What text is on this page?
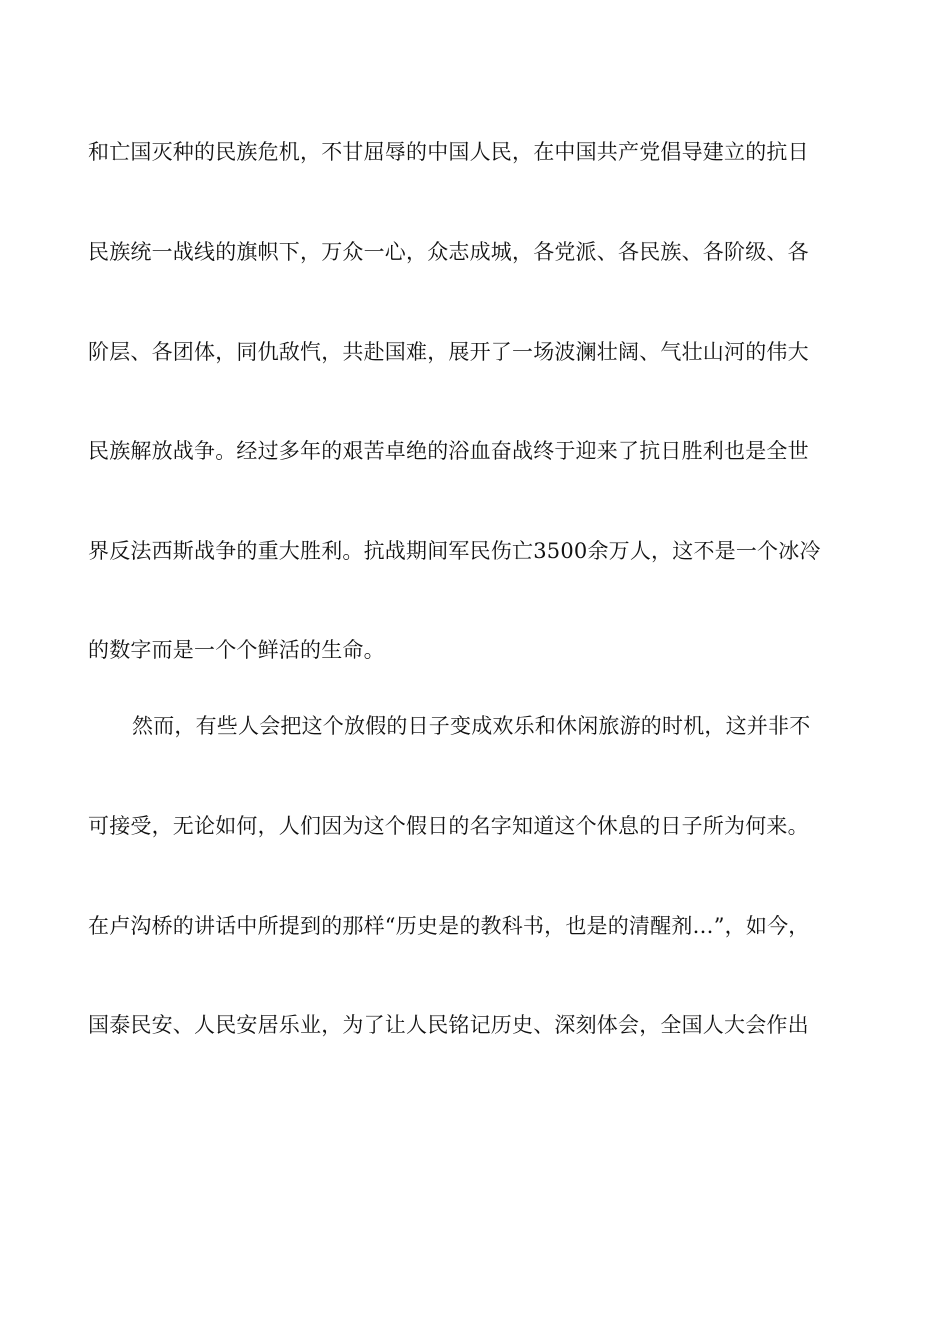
和亡国灭种的民族危机，不甘屈辱的中国人民，在中国共产党倡导建立的抗日
民族统一战线的旗帜下，万众一心，众志成城，各党派、各民族、各阶级、各
阶层、各团体，同仇敌忾，共赴国难，展开了一场波澜壮阔、气壮山河的伟大
民族解放战争。经过多年的艰苦卓绝的浴血奋战终于迎来了抗日胜利也是全世
界反法西斯战争的重大胜利。抗战期间军民伤亡3500余万人，这不是一个冰冷
的数字而是一个个鲜活的生命。
然而，有些人会把这个放假的日子变成欢乐和休闲旅游的时机，这并非不
可接受，无论如何，人们因为这个假日的名字知道这个休息的日子所为何来。
在卢沟桥的讲话中所提到的那样“历史是的教科书，也是的清醒剂…”，如今，
国泰民安、人民安居乐业，为了让人民铭记历史、深刻体会，全国人大会作出
